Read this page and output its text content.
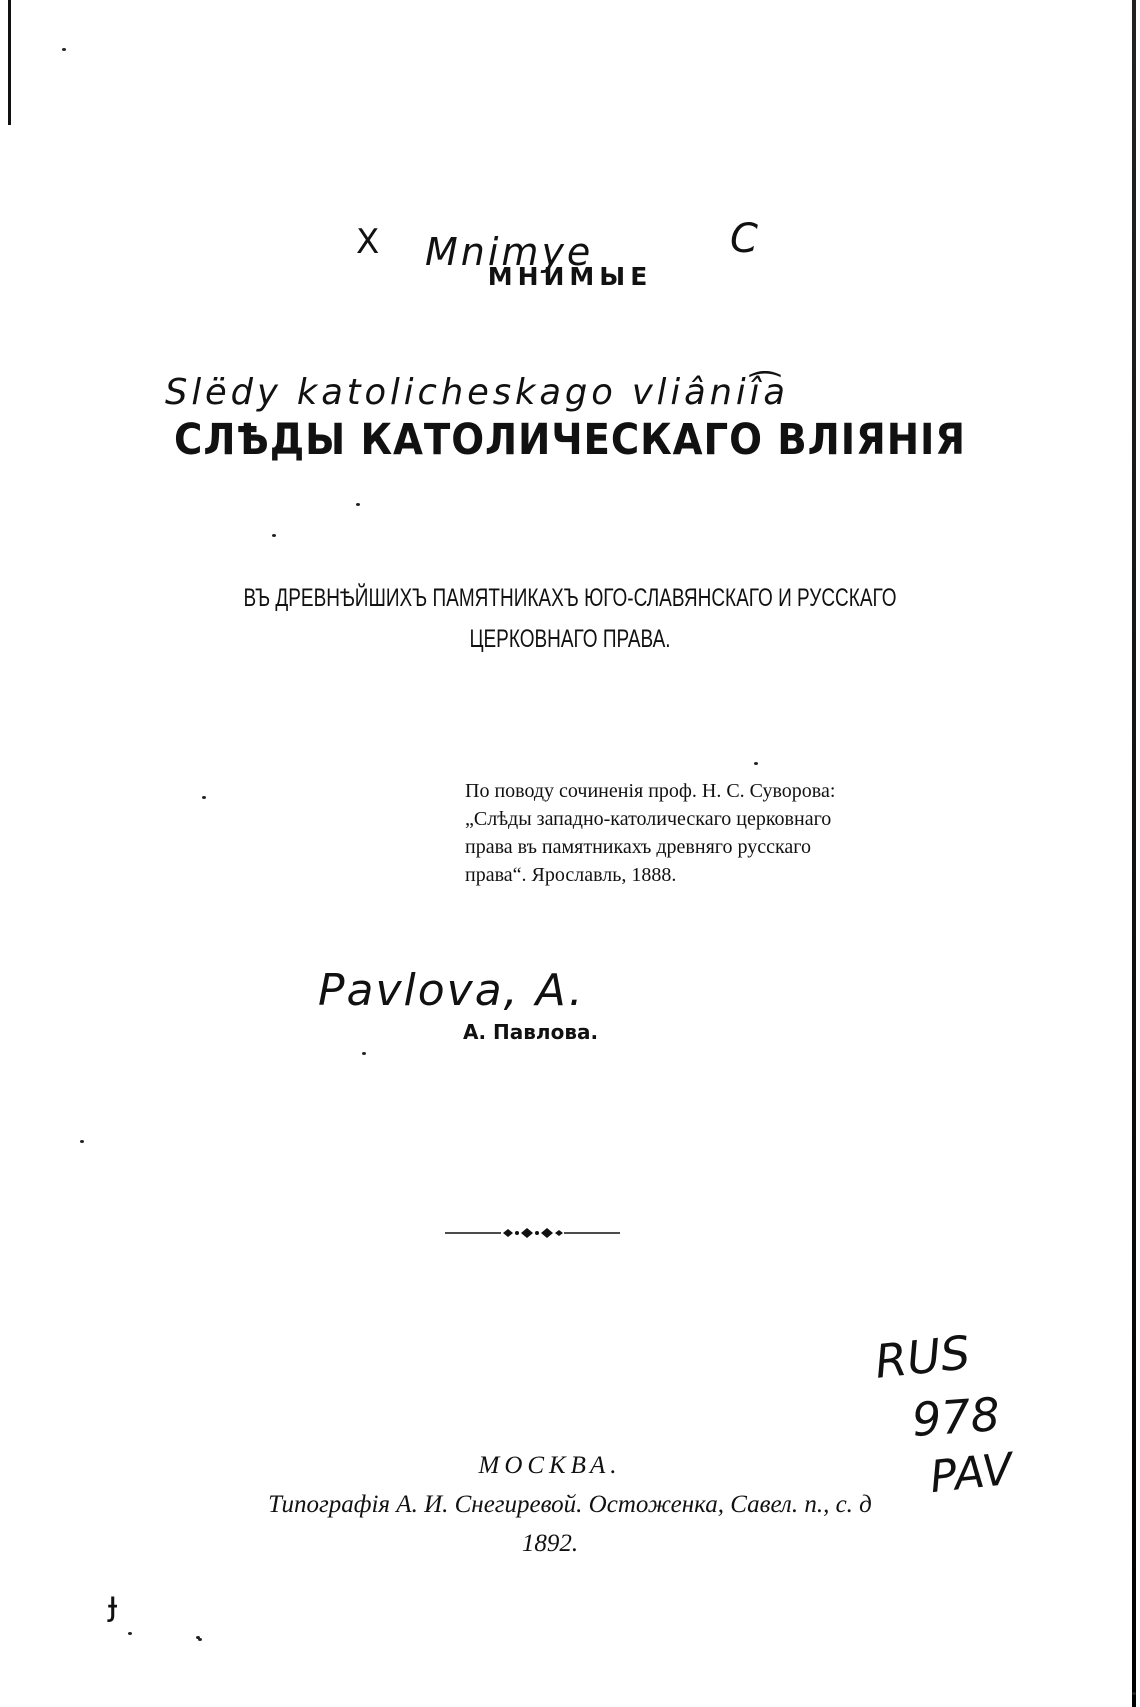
X Mnimye	C
Slëdy katolicheskago vliâniî͡a
Pavlova, A.
ɟ
RUS
978
PAV
МНИМЫЕ
СЛѢДЫ КАТОЛИЧЕСКАГО ВЛІЯНІЯ
ВЪ ДРЕВНѢЙШИХЪ ПАМЯТНИКАХЪ ЮГО-СЛАВЯНСКАГО И РУССКАГО
ЦЕРКОВНАГО ПРАВА.
По поводу сочиненія проф. Н. С. Суворова:
„Слѣды западно-католическаго церковнаго
права въ памятникахъ древняго русскаго
права“. Ярославль, 1888.
А. Павлова.
МОСКВА.
Типографія А. И. Снегиревой. Остоженка, Савел. п., с. д
1892.
